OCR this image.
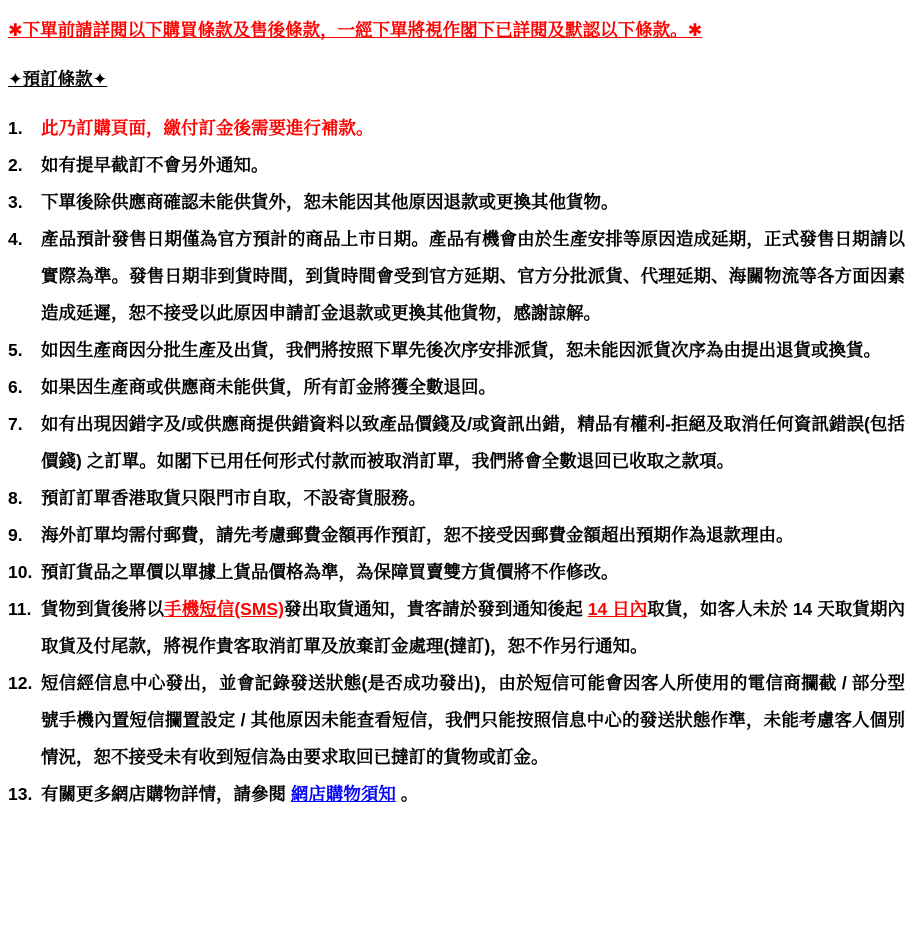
✱下單前請詳閱以下購買條款及售後條款，一經下單將視作閣下已詳閱及默認以下條款。✱
✦預訂條款✦
1.	此乃訂購頁面，繳付訂金後需要進行補款。
2.	如有提早截訂不會另外通知。
3.	下單後除供應商確認未能供貨外，恕未能因其他原因退款或更換其他貨物。
4.	產品預計發售日期僅為官方預計的商品上市日期。產品有機會由於生產安排等原因造成延期，正式發售日期請以實際為準。發售日期非到貨時間，到貨時間會受到官方延期、官方分批派貨、代理延期、海關物流等各方面因素造成延遲，恕不接受以此原因申請訂金退款或更換其他貨物，感謝諒解。
5.	如因生產商因分批生產及出貨，我們將按照下單先後次序安排派貨，恕未能因派貨次序為由提出退貨或換貨。
6.	如果因生產商或供應商未能供貨，所有訂金將獲全數退回。
7.	如有出現因錯字及/或供應商提供錯資料以致產品價錢及/或資訊出錯，精品有權利-拒絕及取消任何資訊錯誤(包括價錢) 之訂單。如閣下已用任何形式付款而被取消訂單，我們將會全數退回已收取之款項。
8.	預訂訂單香港取貨只限門市自取，不設寄貨服務。
9.	海外訂單均需付郵費，請先考慮郵費金額再作預訂，恕不接受因郵費金額超出預期作為退款理由。
10. 預訂貨品之單價以單據上貨品價格為準，為保障買賣雙方貨價將不作修改。
11. 貨物到貨後將以手機短信(SMS)發出取貨通知，貴客請於發到通知後起 14 日內取貨，如客人未於 14 天取貨期內取貨及付尾款，將視作貴客取消訂單及放棄訂金處理(撻訂)，恕不作另行通知。
12. 短信經信息中心發出，並會記錄發送狀態(是否成功發出)，由於短信可能會因客人所使用的電信商攔截 / 部分型號手機內置短信攔置設定 / 其他原因未能查看短信，我們只能按照信息中心的發送狀態作準，未能考慮客人個別情況，恕不接受未有收到短信為由要求取回已撻訂的貨物或訂金。
13. 有關更多網店購物詳情，請參閱 網店購物須知 。
